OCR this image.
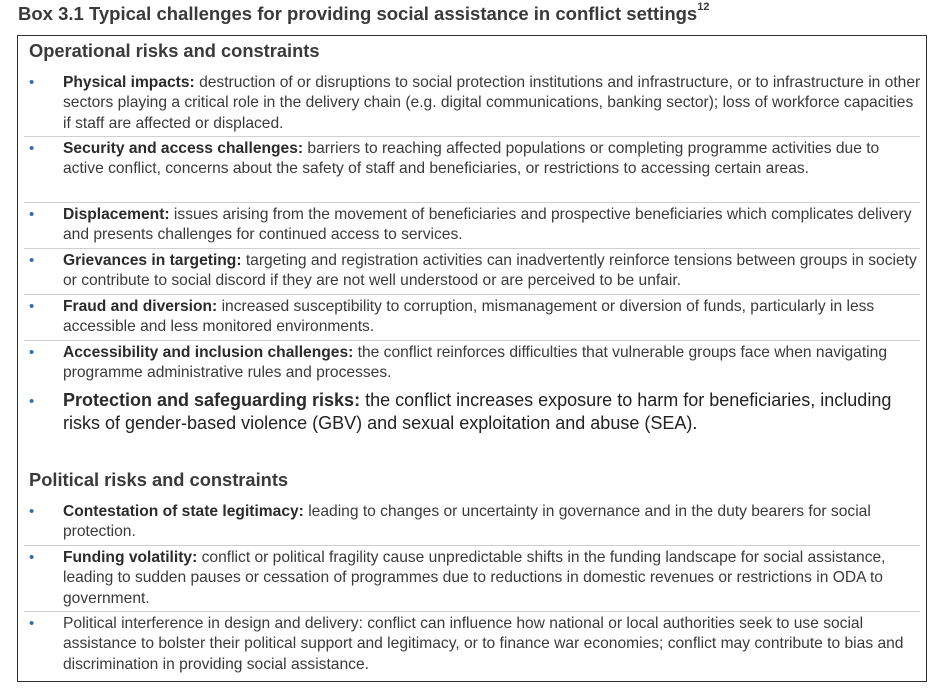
Box 3.1 Typical challenges for providing social assistance in conflict settings$^{12}$
Operational risks and constraints
• Physical impacts: destruction of or disruptions to social protection institutions and infrastructure, or to infrastructure in other sectors playing a critical role in the delivery chain (e.g. digital communications, banking sector); loss of workforce capacities if staff are affected or displaced.
• Security and access challenges: barriers to reaching affected populations or completing programme activities due to active conflict, concerns about the safety of staff and beneficiaries, or restrictions to accessing certain areas.
• Displacement: issues arising from the movement of beneficiaries and prospective beneficiaries which complicates delivery and presents challenges for continued access to services.
• Grievances in targeting: targeting and registration activities can inadvertently reinforce tensions between groups in society or contribute to social discord if they are not well understood or are perceived to be unfair.
• Fraud and diversion: increased susceptibility to corruption, mismanagement or diversion of funds, particularly in less accessible and less monitored environments.
• Accessibility and inclusion challenges: the conflict reinforces difficulties that vulnerable groups face when navigating programme administrative rules and processes.
• Protection and safeguarding risks: the conflict increases exposure to harm for beneficiaries, including risks of gender-based violence (GBV) and sexual exploitation and abuse (SEA).
Political risks and constraints
• Contestation of state legitimacy: leading to changes or uncertainty in governance and in the duty bearers for social protection.
• Funding volatility: conflict or political fragility cause unpredictable shifts in the funding landscape for social assistance, leading to sudden pauses or cessation of programmes due to reductions in domestic revenues or restrictions in ODA to government.
• Political interference in design and delivery: conflict can influence how national or local authorities seek to use social assistance to bolster their political support and legitimacy, or to finance war economies; conflict may contribute to bias and discrimination in providing social assistance.
